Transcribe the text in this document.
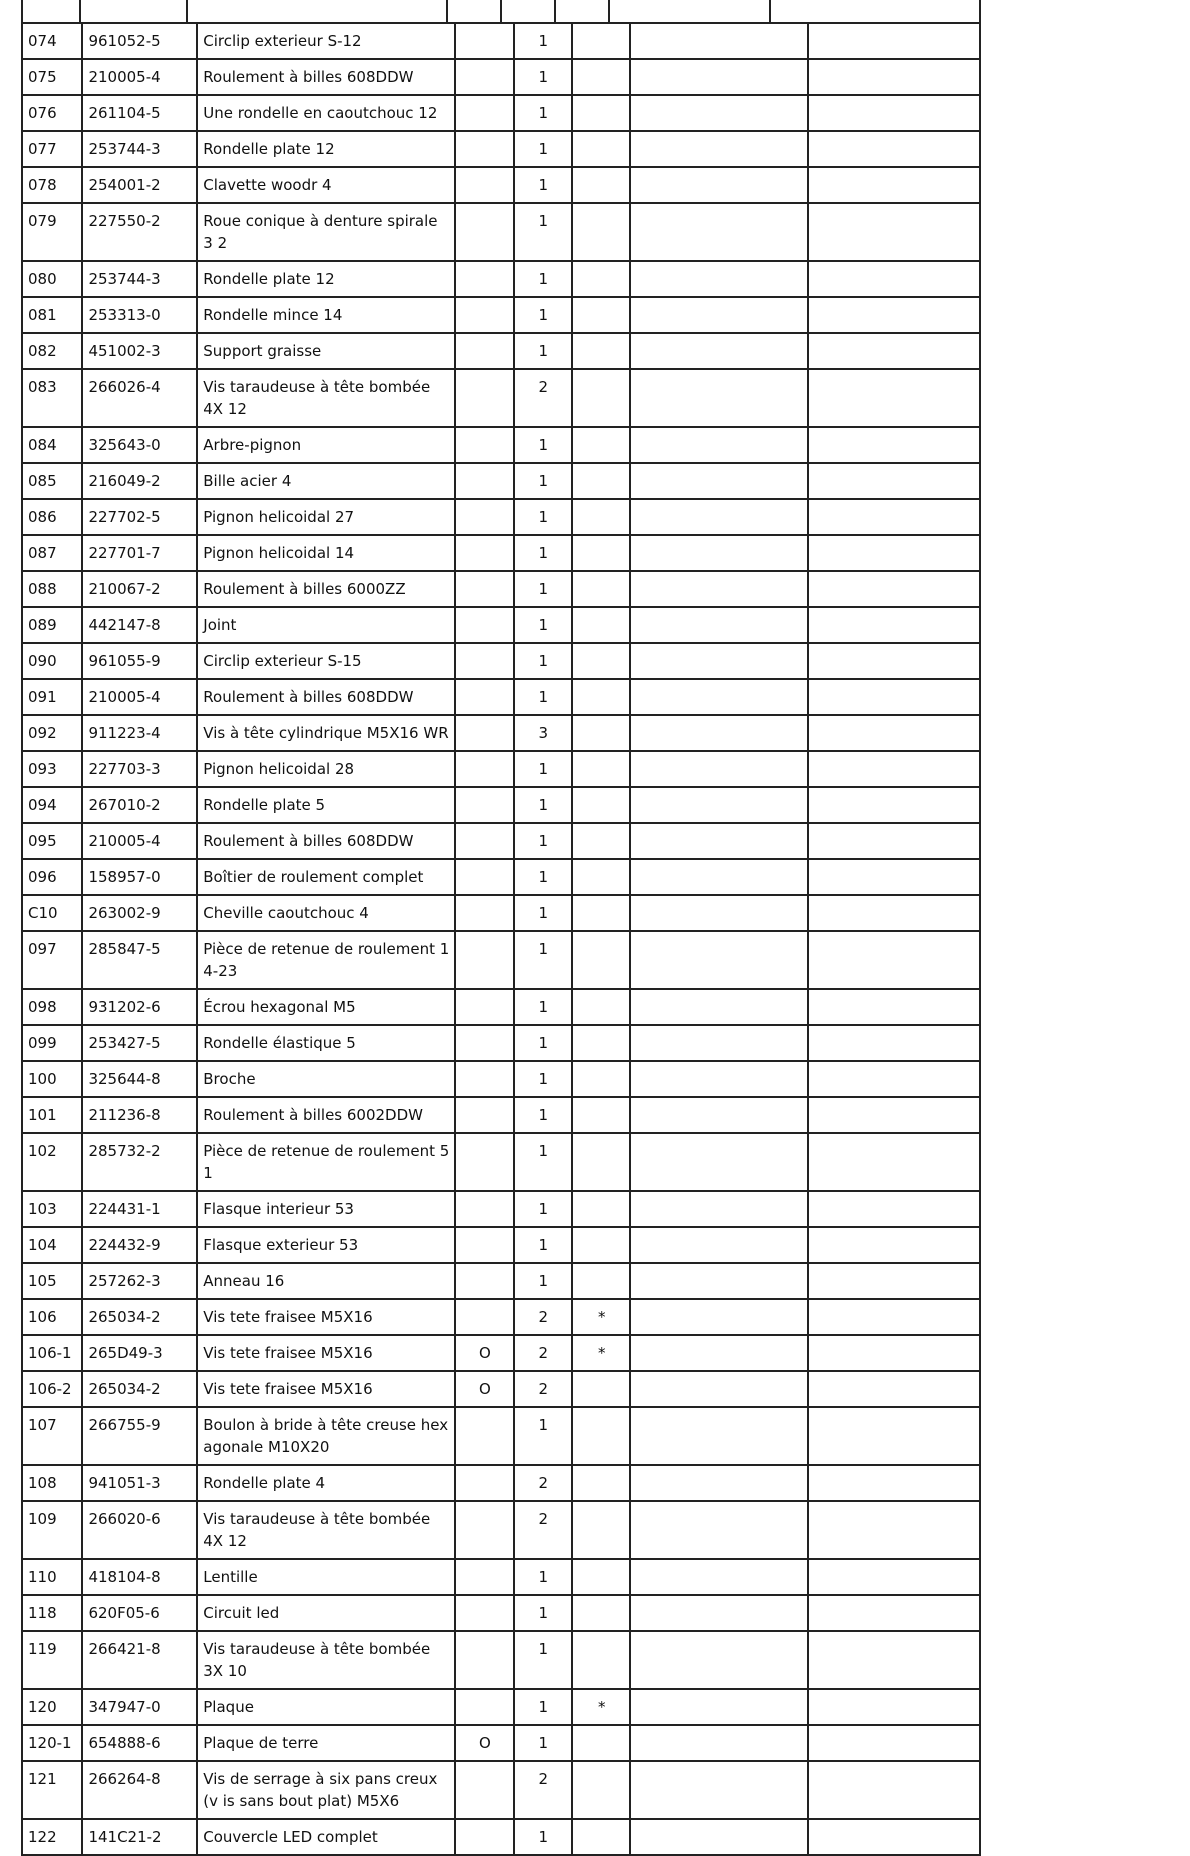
074	961052-5	Circlip exterieur S-12		1			
075	210005-4	Roulement à billes 608DDW		1			
076	261104-5	Une rondelle en caoutchouc 12		1			
077	253744-3	Rondelle plate 12		1			
078	254001-2	Clavette woodr 4		1			
079	227550-2	Roue conique à denture spirale 3 2		1			
080	253744-3	Rondelle plate 12		1			
081	253313-0	Rondelle mince 14		1			
082	451002-3	Support graisse		1			
083	266026-4	Vis taraudeuse à tête bombée 4X 12		2			
084	325643-0	Arbre-pignon		1			
085	216049-2	Bille acier 4		1			
086	227702-5	Pignon helicoidal 27		1			
087	227701-7	Pignon helicoidal 14		1			
088	210067-2	Roulement à billes 6000ZZ		1			
089	442147-8	Joint		1			
090	961055-9	Circlip exterieur S-15		1			
091	210005-4	Roulement à billes 608DDW		1			
092	911223-4	Vis à tête cylindrique M5X16 WR		3			
093	227703-3	Pignon helicoidal 28		1			
094	267010-2	Rondelle plate 5		1			
095	210005-4	Roulement à billes 608DDW		1			
096	158957-0	Boîtier de roulement complet		1			
C10	263002-9	Cheville caoutchouc 4		1			
097	285847-5	Pièce de retenue de roulement 1 4-23		1			
098	931202-6	Écrou hexagonal M5		1			
099	253427-5	Rondelle élastique 5		1			
100	325644-8	Broche		1			
101	211236-8	Roulement à billes 6002DDW		1			
102	285732-2	Pièce de retenue de roulement 5 1		1			
103	224431-1	Flasque interieur 53		1			
104	224432-9	Flasque exterieur 53		1			
105	257262-3	Anneau 16		1			
106	265034-2	Vis tete fraisee M5X16		2	*		
106-1	265D49-3	Vis tete fraisee M5X16	O	2	*		
106-2	265034-2	Vis tete fraisee M5X16	O	2			
107	266755-9	Boulon à bride à tête creuse hex agonale M10X20		1			
108	941051-3	Rondelle plate 4		2			
109	266020-6	Vis taraudeuse à tête bombée 4X 12		2			
110	418104-8	Lentille		1			
118	620F05-6	Circuit led		1			
119	266421-8	Vis taraudeuse à tête bombée 3X 10		1			
120	347947-0	Plaque		1	*		
120-1	654888-6	Plaque de terre	O	1			
121	266264-8	Vis de serrage à six pans creux (v is sans bout plat) M5X6		2			
122	141C21-2	Couvercle LED complet		1			
